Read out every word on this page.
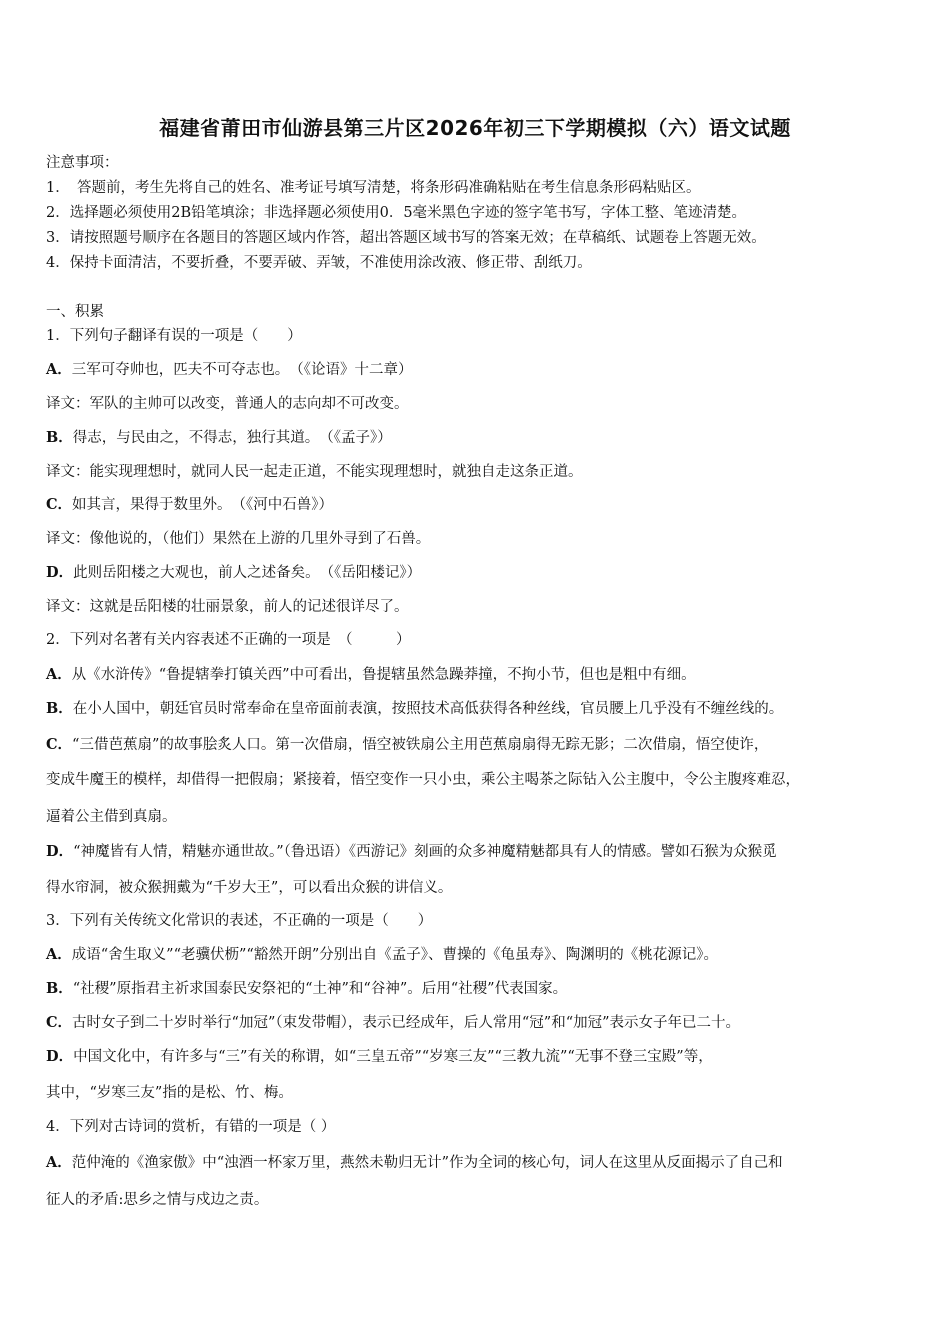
福建省莆田市仙游县第三片区2026年初三下学期模拟（六）语文试题
注意事项：
1．　答题前，考生先将自己的姓名、准考证号填写清楚，将条形码准确粘贴在考生信息条形码粘贴区。
2．选择题必须使用2B铅笔填涂；非选择题必须使用0．5毫米黑色字迹的签字笔书写，字体工整、笔迹清楚。
3．请按照题号顺序在各题目的答题区域内作答，超出答题区域书写的答案无效；在草稿纸、试题卷上答题无效。
4．保持卡面清洁，不要折叠，不要弄破、弄皱，不准使用涂改液、修正带、刮纸刀。
一、积累
1．下列句子翻译有误的一项是（　　）
A．三军可夺帅也，匹夫不可夺志也。　（《论语》十二章）
译文：军队的主帅可以改变，普通人的志向却不可改变。
B．得志，与民由之，不得志，独行其道。　（《孟子》）
译文：能实现理想时，就同人民一起走正道，不能实现理想时，就独自走这条正道。
C．如其言，果得于数里外。　（《河中石兽》）
译文：像他说的，（他们）果然在上游的几里外寻到了石兽。
D．此则岳阳楼之大观也，前人之述备矣。　（《岳阳楼记》）
译文：这就是岳阳楼的壮丽景象，前人的记述很详尽了。
2．下列对名著有关内容表述不正确的一项是　（　　　）
A．从《水浒传》“鲁提辖拳打镇关西”中可看出，鲁提辖虽然急躁莽撞，不拘小节，但也是粗中有细。
B．在小人国中，朝廷官员时常奉命在皇帝面前表演，按照技术高低获得各种丝线，官员腰上几乎没有不缠丝线的。
C．“三借芭蕉扇”的故事脍炙人口。第一次借扇，悟空被铁扇公主用芭蕉扇扇得无踪无影；二次借扇，悟空使诈，
变成牛魔王的模样，却借得一把假扇；紧接着，悟空变作一只小虫，乘公主喝茶之际钻入公主腹中，令公主腹疼难忍，
逼着公主借到真扇。
D．“神魔皆有人情，精魅亦通世故。”（鲁迅语）《西游记》刻画的众多神魔精魅都具有人的情感。譬如石猴为众猴觅
得水帘洞，被众猴拥戴为“千岁大王”，可以看出众猴的讲信义。
3．下列有关传统文化常识的表述，不正确的一项是（　　）
A．成语“舍生取义”“老骥伏枥”“豁然开朗”分别出自《孟子》、曹操的《龟虽寿》、陶渊明的《桃花源记》。
B．“社稷”原指君主祈求国泰民安祭祀的“土神”和“谷神”。后用“社稷”代表国家。
C．古时女子到二十岁时举行“加冠”（束发带帽），表示已经成年，后人常用“冠”和“加冠”表示女子年已二十。
D．中国文化中，有许多与“三”有关的称谓，如“三皇五帝”“岁寒三友”“三教九流”“无事不登三宝殿”等，
其中，“岁寒三友”指的是松、竹、梅。
4．下列对古诗词的赏析，有错的一项是（ ）
A．范仲淹的《渔家傲》中“浊酒一杯家万里，燕然未勒归无计”作为全词的核心句，词人在这里从反面揭示了自己和
征人的矛盾:思乡之情与戍边之责。
